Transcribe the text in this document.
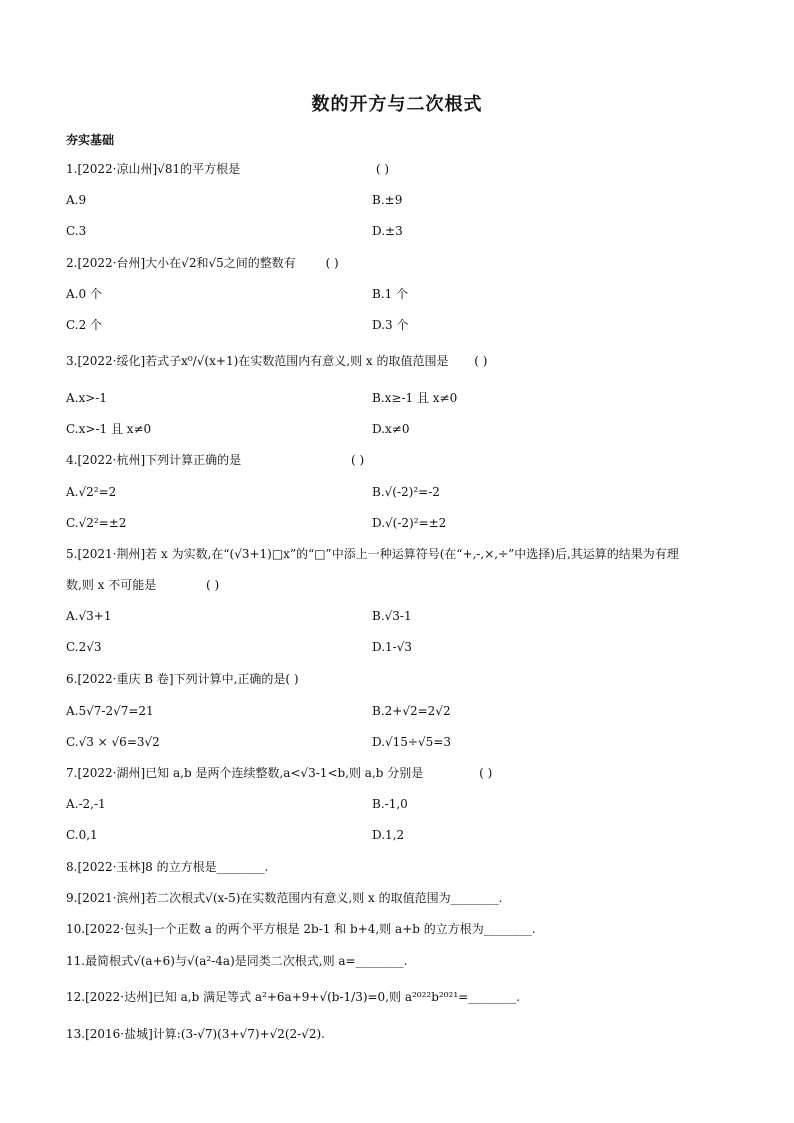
数的开方与二次根式
夯实基础
1.[2022·凉山州]√81的平方根是	( )
A.9	B.±9
C.3	D.±3
2.[2022·台州]大小在√2和√5之间的整数有 ( )
A.0 个	B.1 个
C.2 个	D.3 个
3.[2022·绥化]若式子x⁰/√(x+1)在实数范围内有意义,则 x 的取值范围是 ( )
A.x>-1	B.x≥-1 且 x≠0
C.x>-1 且 x≠0	D.x≠0
4.[2022·杭州]下列计算正确的是	( )
A.√2²=2	B.√(-2)²=-2
C.√2²=±2	D.√(-2)²=±2
5.[2021·荆州]若 x 为实数,在“(√3+1)□x”的“□”中添上一种运算符号(在“+,-,×,÷”中选择)后,其运算的结果为有理
数,则 x 不可能是	( )
A.√3+1	B.√3-1
C.2√3	D.1-√3
6.[2022·重庆 B 卷]下列计算中,正确的是( )
A.5√7-2√7=21	B.2+√2=2√2
C.√3 × √6=3√2	D.√15÷√5=3
7.[2022·湖州]已知 a,b 是两个连续整数,a<√3-1<b,则 a,b 分别是	( )
A.-2,-1	B.-1,0
C.0,1	D.1,2
8.[2022·玉林]8 的立方根是________.
9.[2021·滨州]若二次根式√(x-5)在实数范围内有意义,则 x 的取值范围为________.
10.[2022·包头]一个正数 a 的两个平方根是 2b-1 和 b+4,则 a+b 的立方根为________.
11.最简根式√(a+6)与√(a²-4a)是同类二次根式,则 a=________.
12.[2022·达州]已知 a,b 满足等式 a²+6a+9+√(b-1/3)=0,则 a²⁰²²b²⁰²¹=________.
13.[2016·盐城]计算:(3-√7)(3+√7)+√2(2-√2).
